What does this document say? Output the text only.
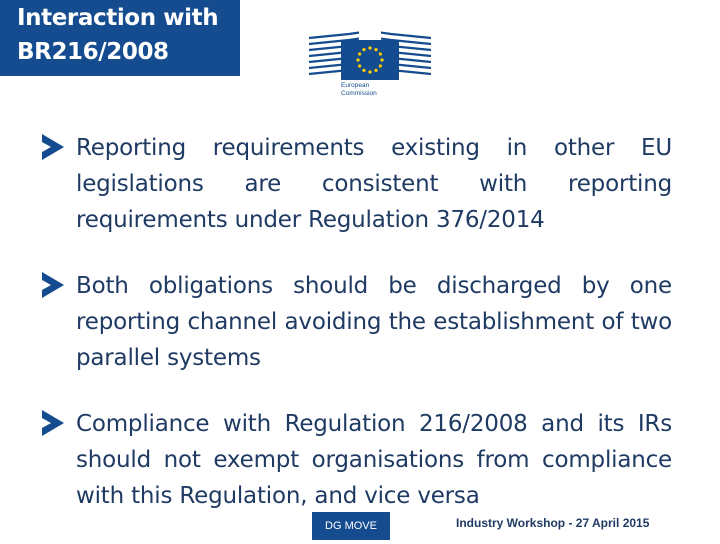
Interaction with
BR216/2008
European
Commission
Reporting requirements existing in other EU legislations are consistent with reporting requirements under Regulation 376/2014
Both obligations should be discharged by one reporting channel avoiding the establishment of two parallel systems
Compliance with Regulation 216/2008 and its IRs should not exempt organisations from compliance with this Regulation, and vice versa
DG MOVE	Industry Workshop - 27 April 2015
